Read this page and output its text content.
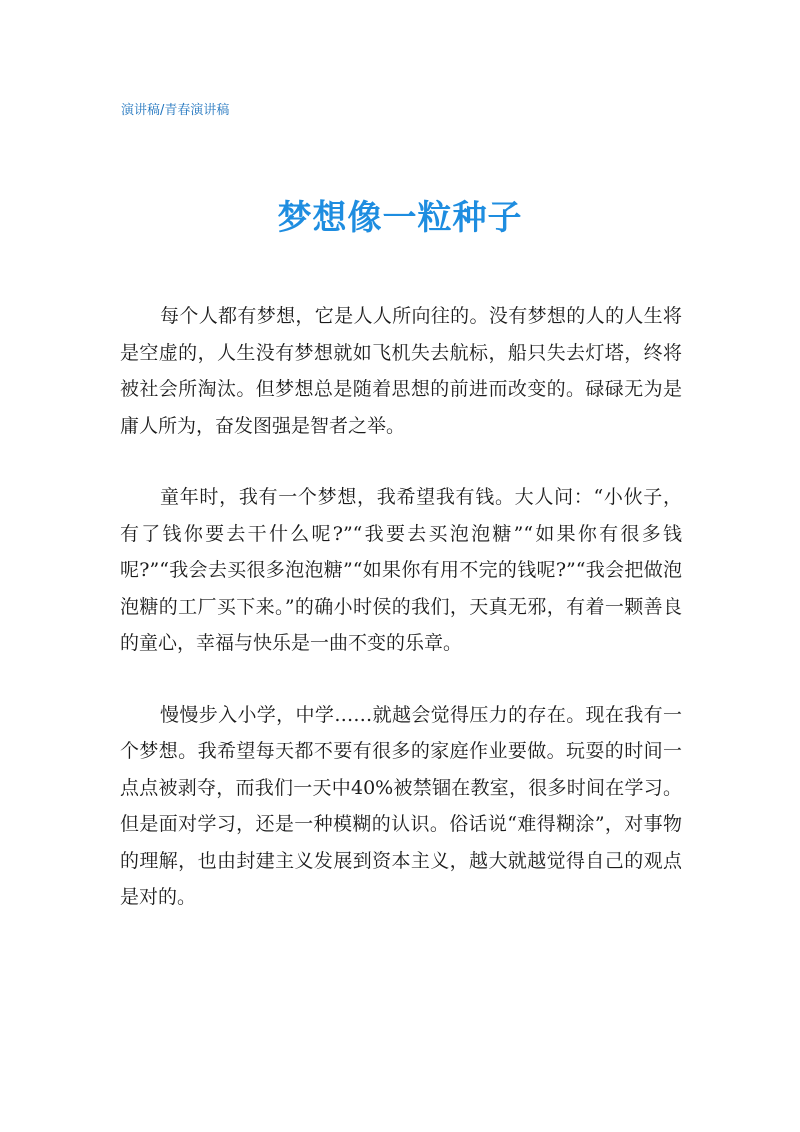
演讲稿/青春演讲稿
梦想像一粒种子

每个人都有梦想，它是人人所向往的。没有梦想的人的人生将是空虚的，人生没有梦想就如飞机失去航标，船只失去灯塔，终将被社会所淘汰。但梦想总是随着思想的前进而改变的。碌碌无为是庸人所为，奋发图强是智者之举。

童年时，我有一个梦想，我希望我有钱。大人问：“小伙子，有了钱你要去干什么呢?”“我要去买泡泡糖”“如果你有很多钱呢?”“我会去买很多泡泡糖”“如果你有用不完的钱呢?”“我会把做泡泡糖的工厂买下来。”的确小时侯的我们，天真无邪，有着一颗善良的童心，幸福与快乐是一曲不变的乐章。

慢慢步入小学，中学……就越会觉得压力的存在。现在我有一个梦想。我希望每天都不要有很多的家庭作业要做。玩耍的时间一点点被剥夺，而我们一天中40%被禁锢在教室，很多时间在学习。但是面对学习，还是一种模糊的认识。俗话说“难得糊涂”，对事物的理解，也由封建主义发展到资本主义，越大就越觉得自己的观点是对的。
